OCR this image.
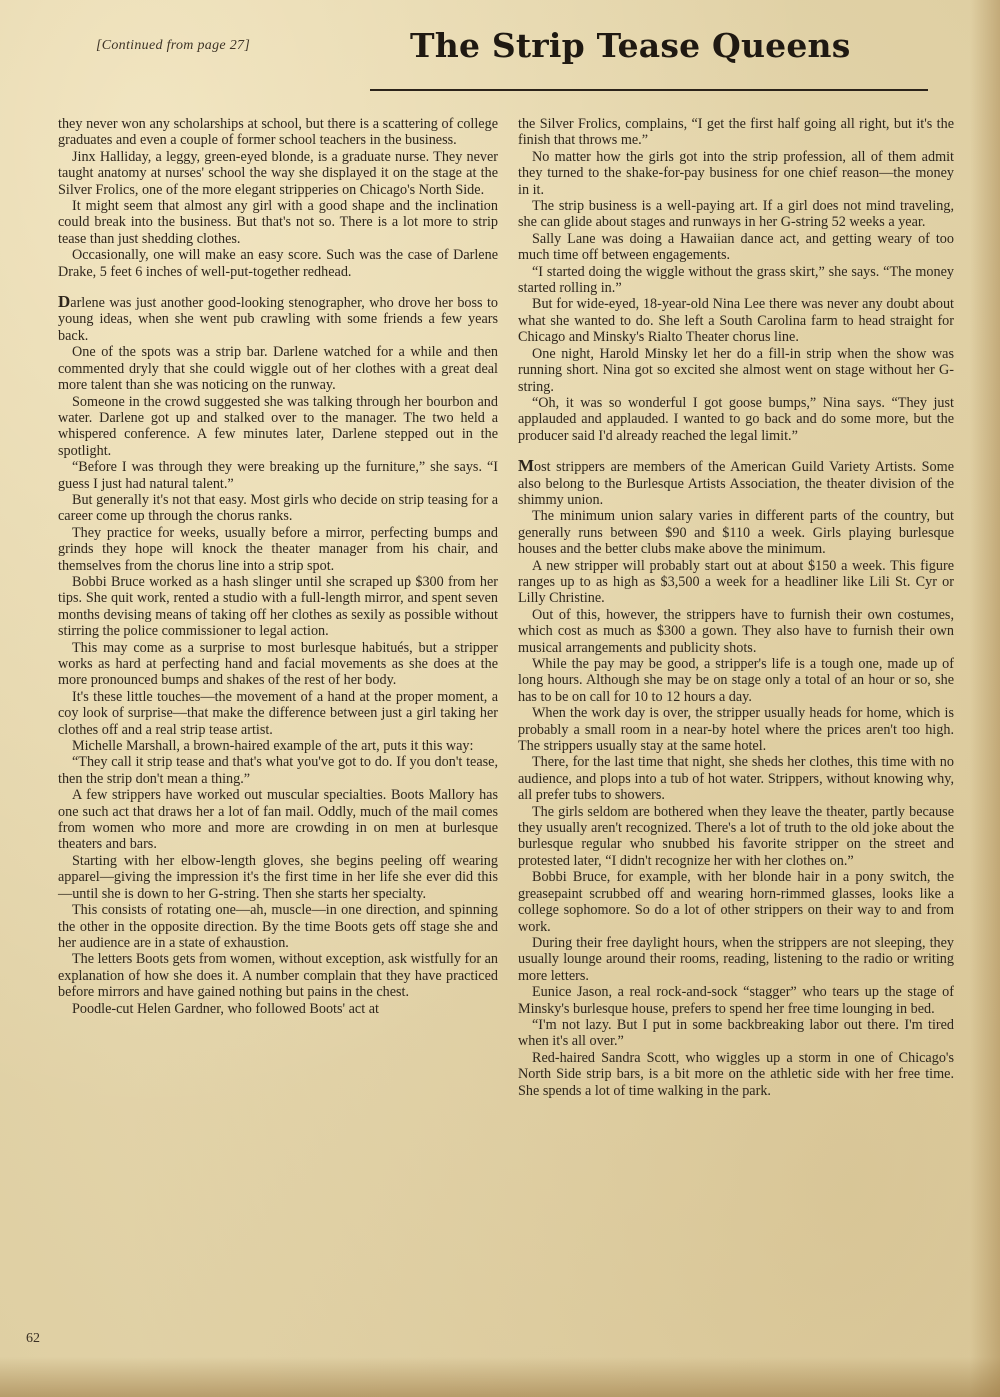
[Continued from page 27]	The Strip Tease Queens

they never won any scholarships at school, but there is a scattering of college graduates and even a couple of former school teachers in the business.

Jinx Halliday, a leggy, green-eyed blonde, is a graduate nurse. They never taught anatomy at nurses' school the way she displayed it on the stage at the Silver Frolics, one of the more elegant stripperies on Chicago's North Side.

It might seem that almost any girl with a good shape and the inclination could break into the business. But that's not so. There is a lot more to strip tease than just shedding clothes.

Occasionally, one will make an easy score. Such was the case of Darlene Drake, 5 feet 6 inches of well-put-together redhead.

Darlene was just another good-looking stenographer, who drove her boss to young ideas, when she went pub crawling with some friends a few years back.

One of the spots was a strip bar. Darlene watched for a while and then commented dryly that she could wiggle out of her clothes with a great deal more talent than she was noticing on the runway.

Someone in the crowd suggested she was talking through her bourbon and water. Darlene got up and stalked over to the manager. The two held a whispered conference. A few minutes later, Darlene stepped out in the spotlight.

“Before I was through they were breaking up the furniture,” she says. “I guess I just had natural talent.”

But generally it's not that easy. Most girls who decide on strip teasing for a career come up through the chorus ranks.

They practice for weeks, usually before a mirror, perfecting bumps and grinds they hope will knock the theater manager from his chair, and themselves from the chorus line into a strip spot.

Bobbi Bruce worked as a hash slinger until she scraped up $300 from her tips. She quit work, rented a studio with a full-length mirror, and spent seven months devising means of taking off her clothes as sexily as possible without stirring the police commissioner to legal action.

This may come as a surprise to most burlesque habitués, but a stripper works as hard at perfecting hand and facial movements as she does at the more pronounced bumps and shakes of the rest of her body.

It's these little touches—the movement of a hand at the proper moment, a coy look of surprise—that make the difference between just a girl taking her clothes off and a real strip tease artist.

Michelle Marshall, a brown-haired example of the art, puts it this way:

“They call it strip tease and that's what you've got to do. If you don't tease, then the strip don't mean a thing.”

A few strippers have worked out muscular specialties. Boots Mallory has one such act that draws her a lot of fan mail. Oddly, much of the mail comes from women who more and more are crowding in on men at burlesque theaters and bars.

Starting with her elbow-length gloves, she begins peeling off wearing apparel—giving the impression it's the first time in her life she ever did this—until she is down to her G-string. Then she starts her specialty.

This consists of rotating one—ah, muscle—in one direction, and spinning the other in the opposite direction. By the time Boots gets off stage she and her audience are in a state of exhaustion.

The letters Boots gets from women, without exception, ask wistfully for an explanation of how she does it. A number complain that they have practiced before mirrors and have gained nothing but pains in the chest.

Poodle-cut Helen Gardner, who followed Boots' act at

the Silver Frolics, complains, “I get the first half going all right, but it's the finish that throws me.”

No matter how the girls got into the strip profession, all of them admit they turned to the shake-for-pay business for one chief reason—the money in it.

The strip business is a well-paying art. If a girl does not mind traveling, she can glide about stages and runways in her G-string 52 weeks a year.

Sally Lane was doing a Hawaiian dance act, and getting weary of too much time off between engagements.

“I started doing the wiggle without the grass skirt,” she says. “The money started rolling in.”

But for wide-eyed, 18-year-old Nina Lee there was never any doubt about what she wanted to do. She left a South Carolina farm to head straight for Chicago and Minsky's Rialto Theater chorus line.

One night, Harold Minsky let her do a fill-in strip when the show was running short. Nina got so excited she almost went on stage without her G-string.

“Oh, it was so wonderful I got goose bumps,” Nina says. “They just applauded and applauded. I wanted to go back and do some more, but the producer said I'd already reached the legal limit.”

Most strippers are members of the American Guild Variety Artists. Some also belong to the Burlesque Artists Association, the theater division of the shimmy union.

The minimum union salary varies in different parts of the country, but generally runs between $90 and $110 a week. Girls playing burlesque houses and the better clubs make above the minimum.

A new stripper will probably start out at about $150 a week. This figure ranges up to as high as $3,500 a week for a headliner like Lili St. Cyr or Lilly Christine.

Out of this, however, the strippers have to furnish their own costumes, which cost as much as $300 a gown. They also have to furnish their own musical arrangements and publicity shots.

While the pay may be good, a stripper's life is a tough one, made up of long hours. Although she may be on stage only a total of an hour or so, she has to be on call for 10 to 12 hours a day.

When the work day is over, the stripper usually heads for home, which is probably a small room in a near-by hotel where the prices aren't too high. The strippers usually stay at the same hotel.

There, for the last time that night, she sheds her clothes, this time with no audience, and plops into a tub of hot water. Strippers, without knowing why, all prefer tubs to showers.

The girls seldom are bothered when they leave the theater, partly because they usually aren't recognized. There's a lot of truth to the old joke about the burlesque regular who snubbed his favorite stripper on the street and protested later, “I didn't recognize her with her clothes on.”

Bobbi Bruce, for example, with her blonde hair in a pony switch, the greasepaint scrubbed off and wearing horn-rimmed glasses, looks like a college sophomore. So do a lot of other strippers on their way to and from work.

During their free daylight hours, when the strippers are not sleeping, they usually lounge around their rooms, reading, listening to the radio or writing more letters.

Eunice Jason, a real rock-and-sock “stagger” who tears up the stage of Minsky's burlesque house, prefers to spend her free time lounging in bed.

“I'm not lazy. But I put in some backbreaking labor out there. I'm tired when it's all over.”

Red-haired Sandra Scott, who wiggles up a storm in one of Chicago's North Side strip bars, is a bit more on the athletic side with her free time. She spends a lot of time walking in the park.

62
